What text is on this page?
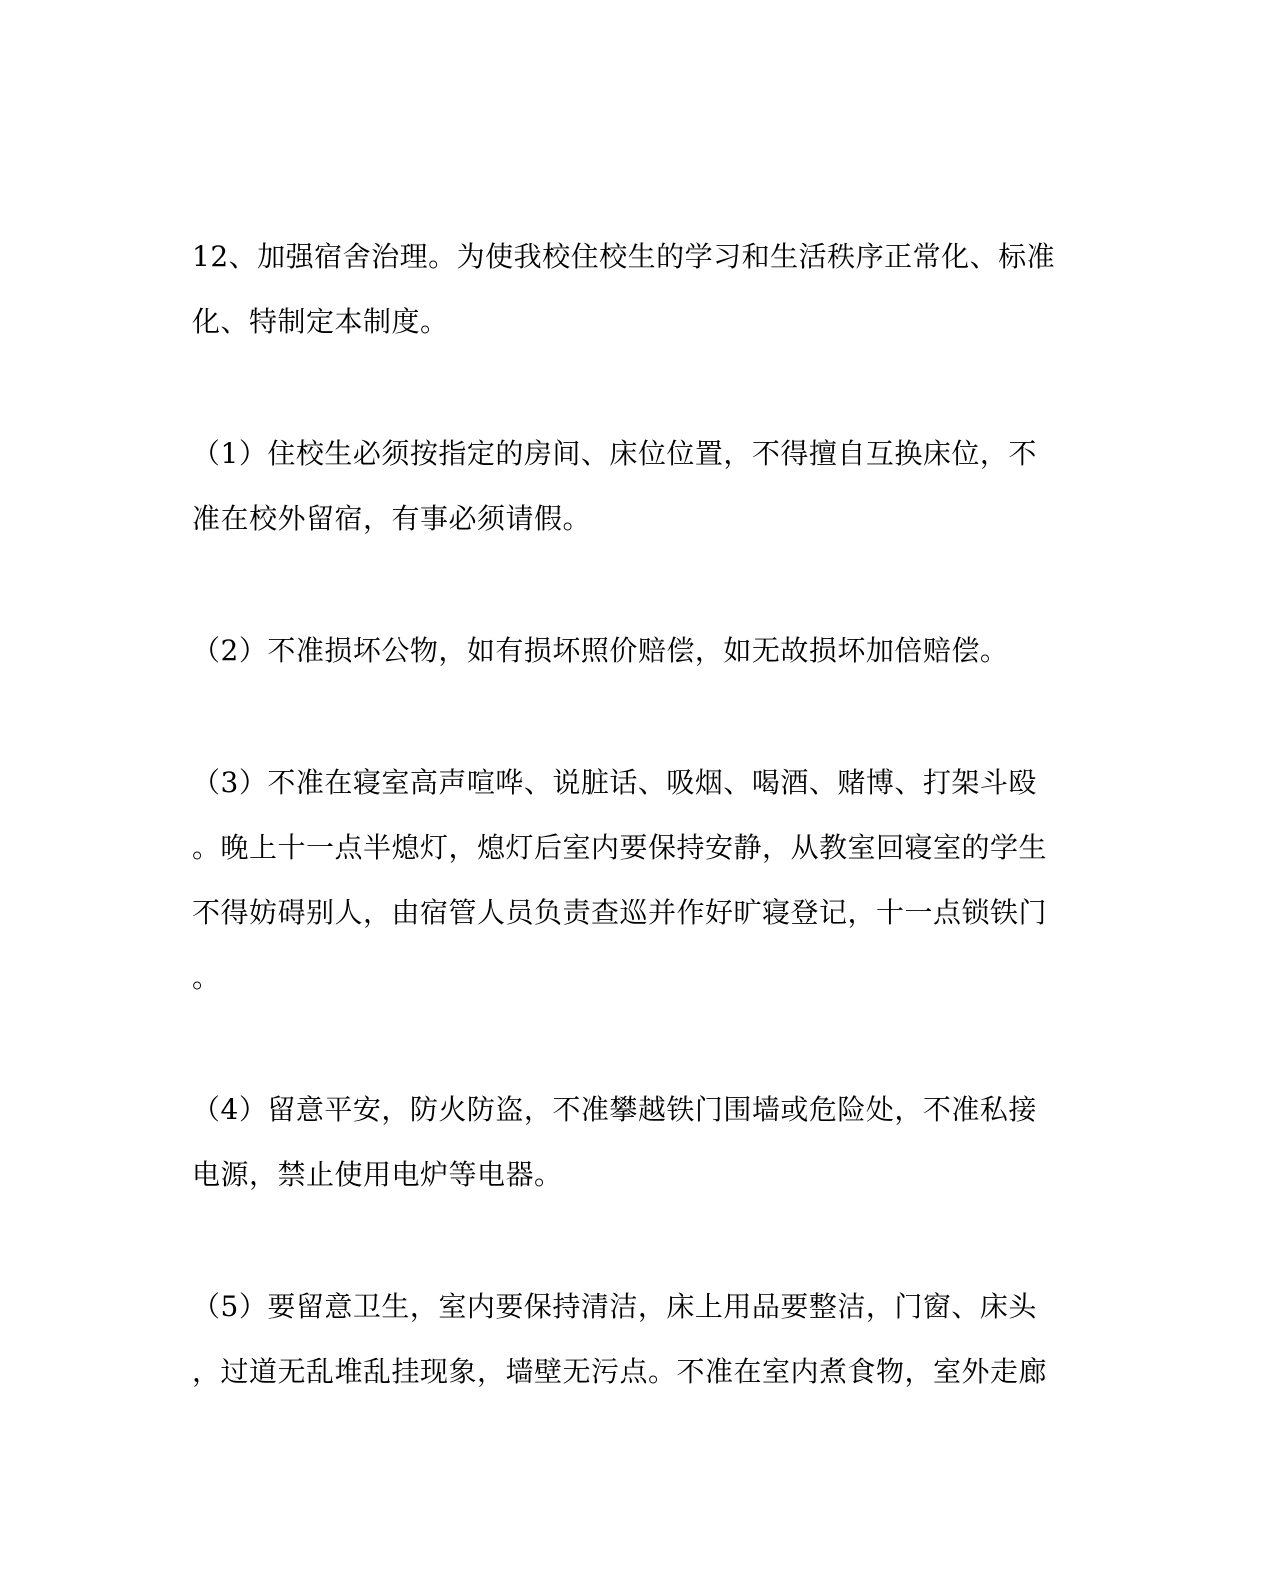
12、加强宿舍治理。为使我校住校生的学习和生活秩序正常化、标准
化、特制定本制度。

（1）住校生必须按指定的房间、床位位置，不得擅自互换床位，不
准在校外留宿，有事必须请假。

（2）不准损坏公物，如有损坏照价赔偿，如无故损坏加倍赔偿。

（3）不准在寝室高声喧哗、说脏话、吸烟、喝酒、赌博、打架斗殴
。晚上十一点半熄灯，熄灯后室内要保持安静，从教室回寝室的学生
不得妨碍别人，由宿管人员负责查巡并作好旷寝登记，十一点锁铁门
。

（4）留意平安，防火防盗，不准攀越铁门围墙或危险处，不准私接
电源，禁止使用电炉等电器。

（5）要留意卫生，室内要保持清洁，床上用品要整洁，门窗、床头
，过道无乱堆乱挂现象，墙壁无污点。不准在室内煮食物，室外走廊
